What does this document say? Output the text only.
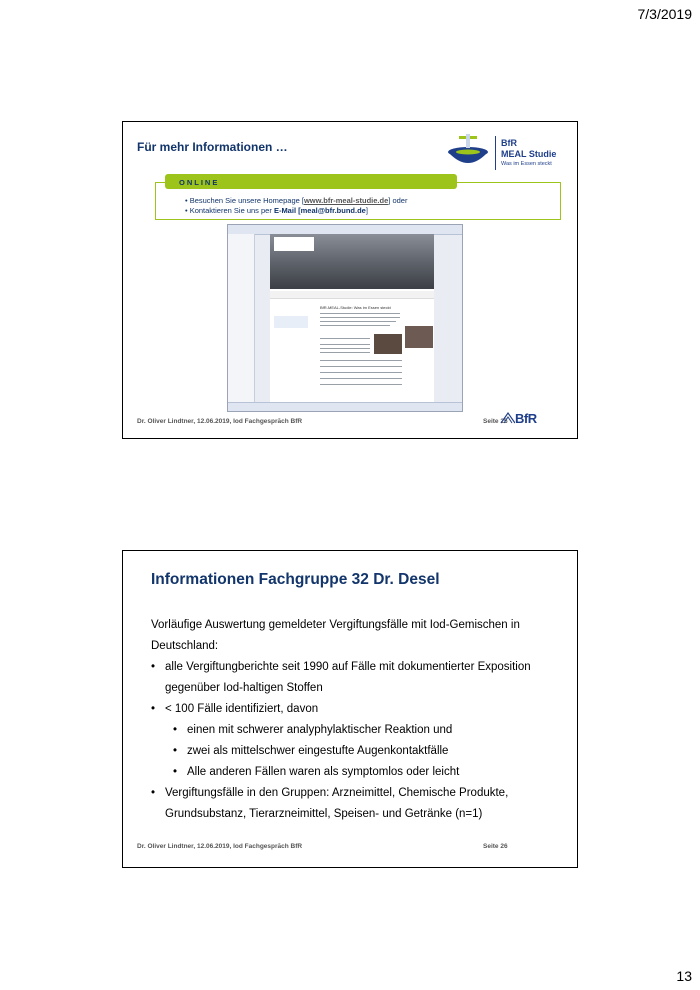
7/3/2019
Für mehr Informationen …	BfR
MEAL Studie
Was im Essen steckt
ONLINE
• Besuchen Sie unsere Homepage [www.bfr-meal-studie.de] oder
• Kontaktieren Sie uns per E-Mail [meal@bfr.bund.de]
BfR-MEAL-Studie: Was im Essen steckt
Dr. Oliver Lindtner, 12.06.2019, Iod Fachgesprăch BfR	Seite 25 BfR
Informationen Fachgruppe 32 Dr. Desel

Vorläufige Auswertung gemeldeter Vergiftungsfälle mit Iod-Gemischen in

Deutschland:

• alle Vergiftungberichte seit 1990 auf Fälle mit dokumentierter Exposition

gegenüber Iod-haltigen Stoffen

• < 100 Fälle identifiziert, davon

• einen mit schwerer analyphylaktischer Reaktion und

• zwei als mittelschwer eingestufte Augenkontaktfälle

• Alle anderen Fällen waren als symptomlos oder leicht

• Vergiftungsfälle in den Gruppen: Arzneimittel, Chemische Produkte,

Grundsubstanz, Tierarzneimittel, Speisen- und Getränke (n=1)

Dr. Oliver Lindtner, 12.06.2019, Iod Fachgesprăch BfR	Seite 26
13
